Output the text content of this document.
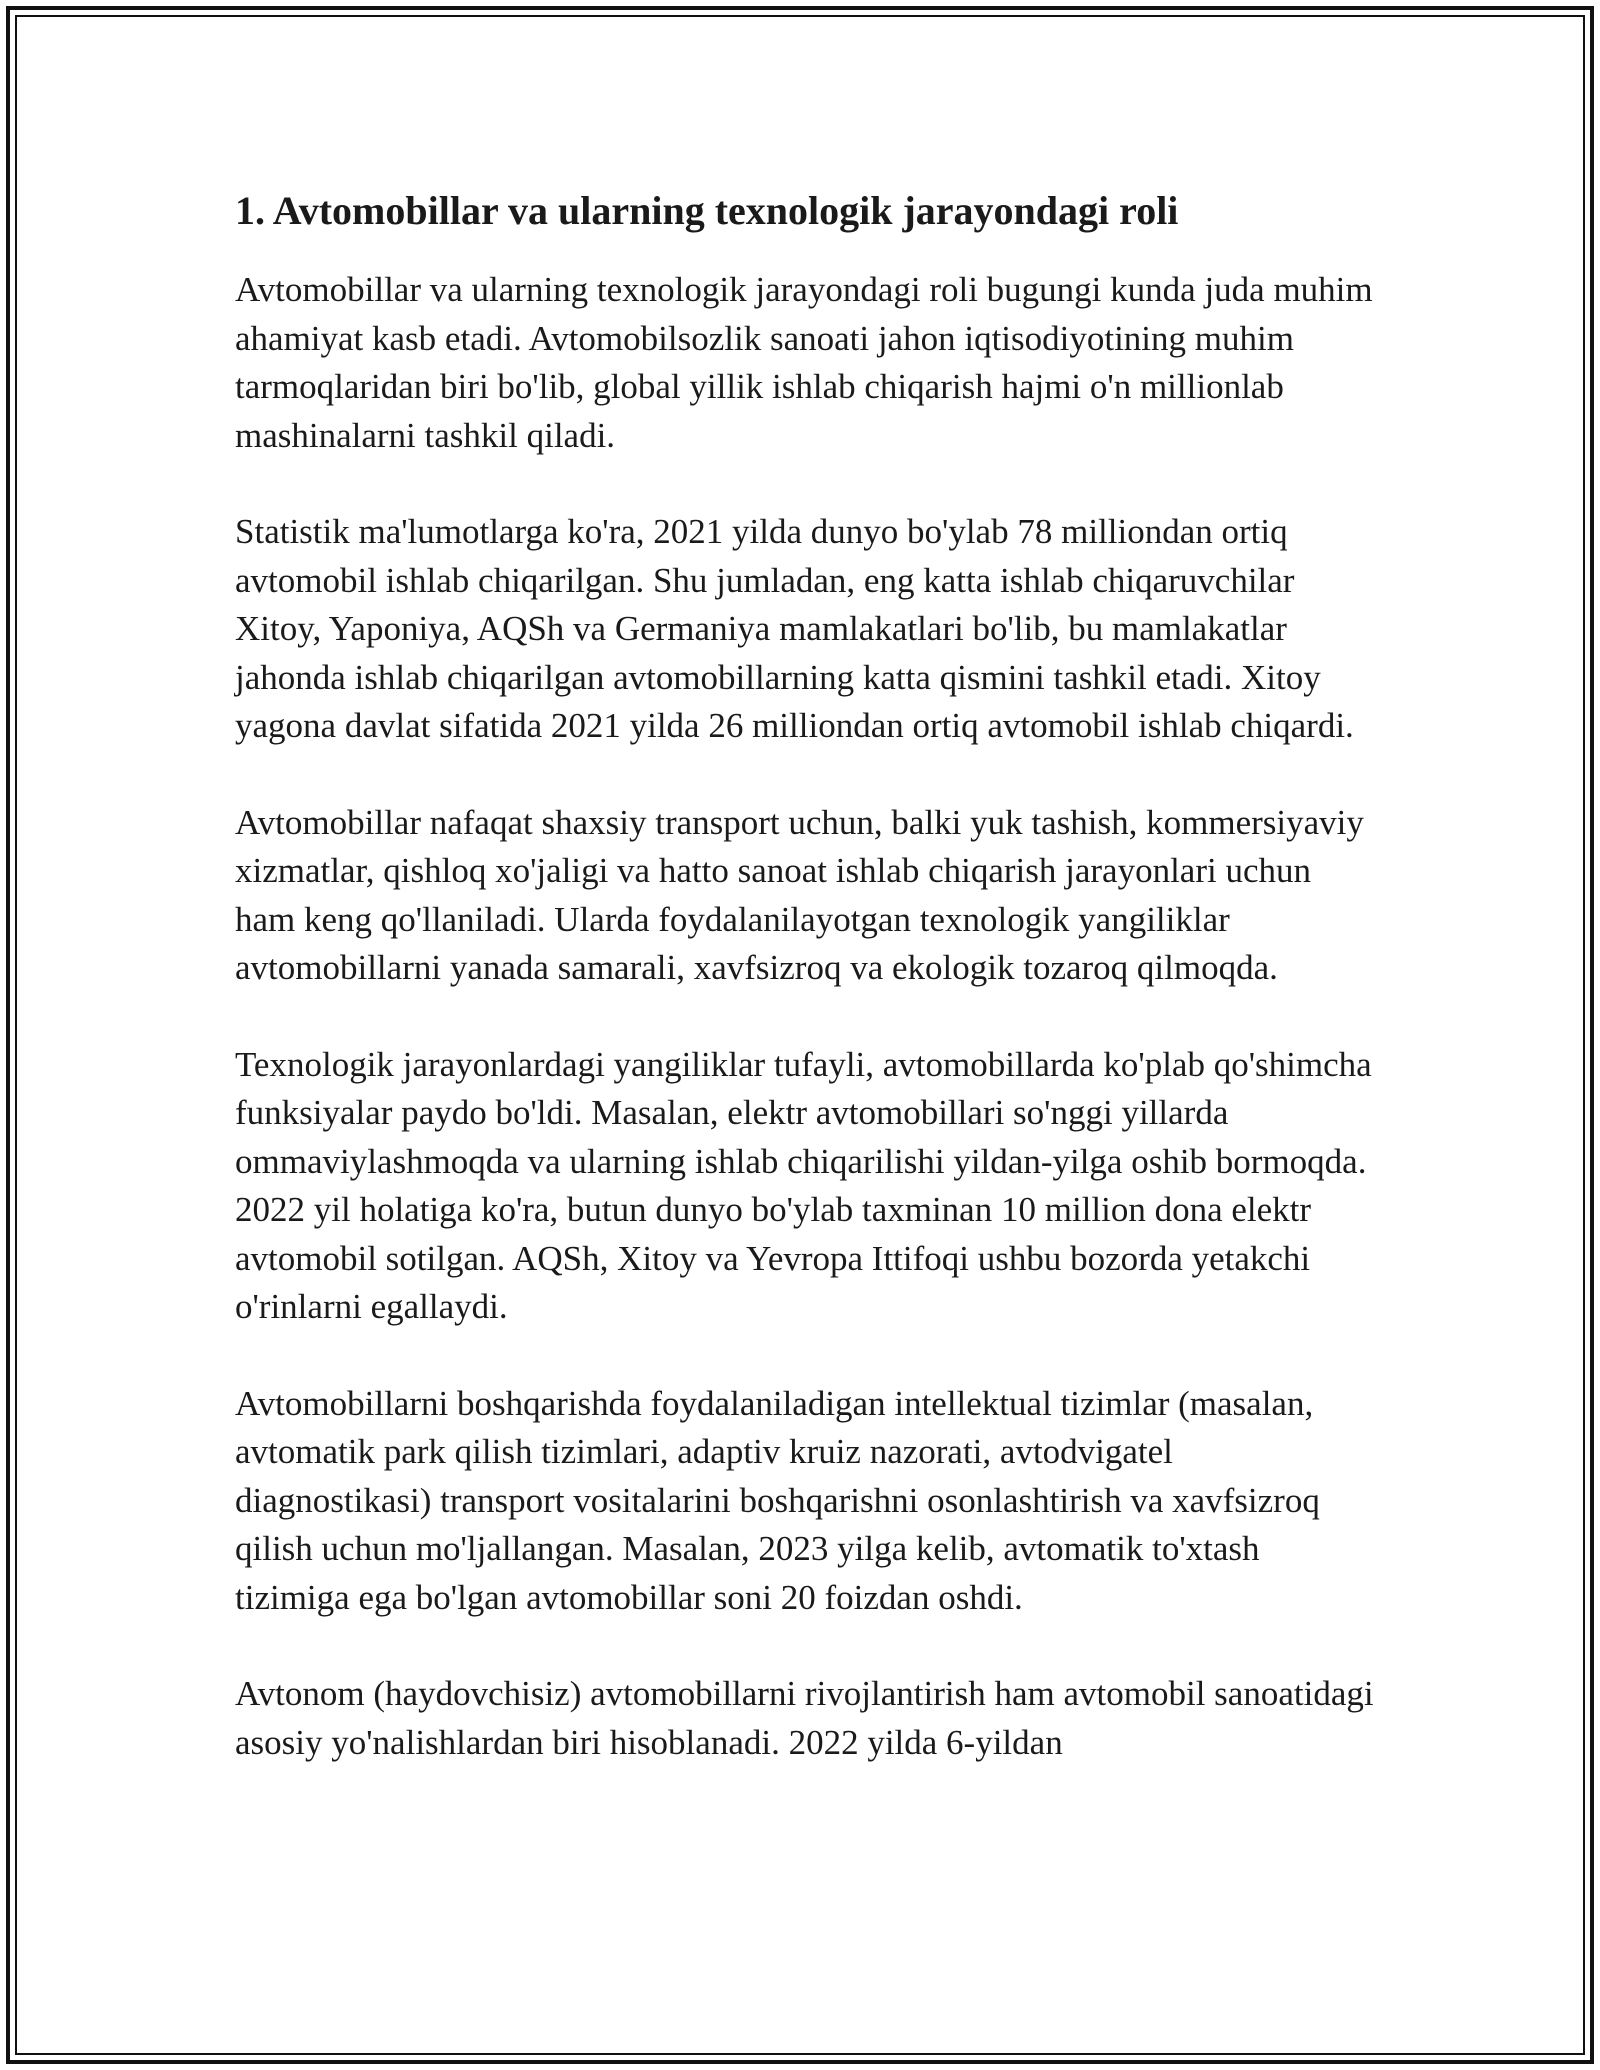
1. Avtomobillar va ularning texnologik jarayondagi roli

Avtomobillar va ularning texnologik jarayondagi roli bugungi kunda juda muhim ahamiyat kasb etadi. Avtomobilsozlik sanoati jahon iqtisodiyotining muhim tarmoqlaridan biri bo'lib, global yillik ishlab chiqarish hajmi o'n millionlab mashinalarni tashkil qiladi.

Statistik ma'lumotlarga ko'ra, 2021 yilda dunyo bo'ylab 78 milliondan ortiq avtomobil ishlab chiqarilgan. Shu jumladan, eng katta ishlab chiqaruvchilar Xitoy, Yaponiya, AQSh va Germaniya mamlakatlari bo'lib, bu mamlakatlar jahonda ishlab chiqarilgan avtomobillarning katta qismini tashkil etadi. Xitoy yagona davlat sifatida 2021 yilda 26 milliondan ortiq avtomobil ishlab chiqardi.

Avtomobillar nafaqat shaxsiy transport uchun, balki yuk tashish, kommersiyaviy xizmatlar, qishloq xo'jaligi va hatto sanoat ishlab chiqarish jarayonlari uchun ham keng qo'llaniladi. Ularda foydalanilayotgan texnologik yangiliklar avtomobillarni yanada samarali, xavfsizroq va ekologik tozaroq qilmoqda.

Texnologik jarayonlardagi yangiliklar tufayli, avtomobillarda ko'plab qo'shimcha funksiyalar paydo bo'ldi. Masalan, elektr avtomobillari so'nggi yillarda ommaviylashmoqda va ularning ishlab chiqarilishi yildan-yilga oshib bormoqda. 2022 yil holatiga ko'ra, butun dunyo bo'ylab taxminan 10 million dona elektr avtomobil sotilgan. AQSh, Xitoy va Yevropa Ittifoqi ushbu bozorda yetakchi o'rinlarni egallaydi.

Avtomobillarni boshqarishda foydalaniladigan intellektual tizimlar (masalan, avtomatik park qilish tizimlari, adaptiv kruiz nazorati, avtodvigatel diagnostikasi) transport vositalarini boshqarishni osonlashtirish va xavfsizroq qilish uchun mo'ljallangan. Masalan, 2023 yilga kelib, avtomatik to'xtash tizimiga ega bo'lgan avtomobillar soni 20 foizdan oshdi.

Avtonom (haydovchisiz) avtomobillarni rivojlantirish ham avtomobil sanoatidagi asosiy yo'nalishlardan biri hisoblanadi. 2022 yilda 6-yildan
